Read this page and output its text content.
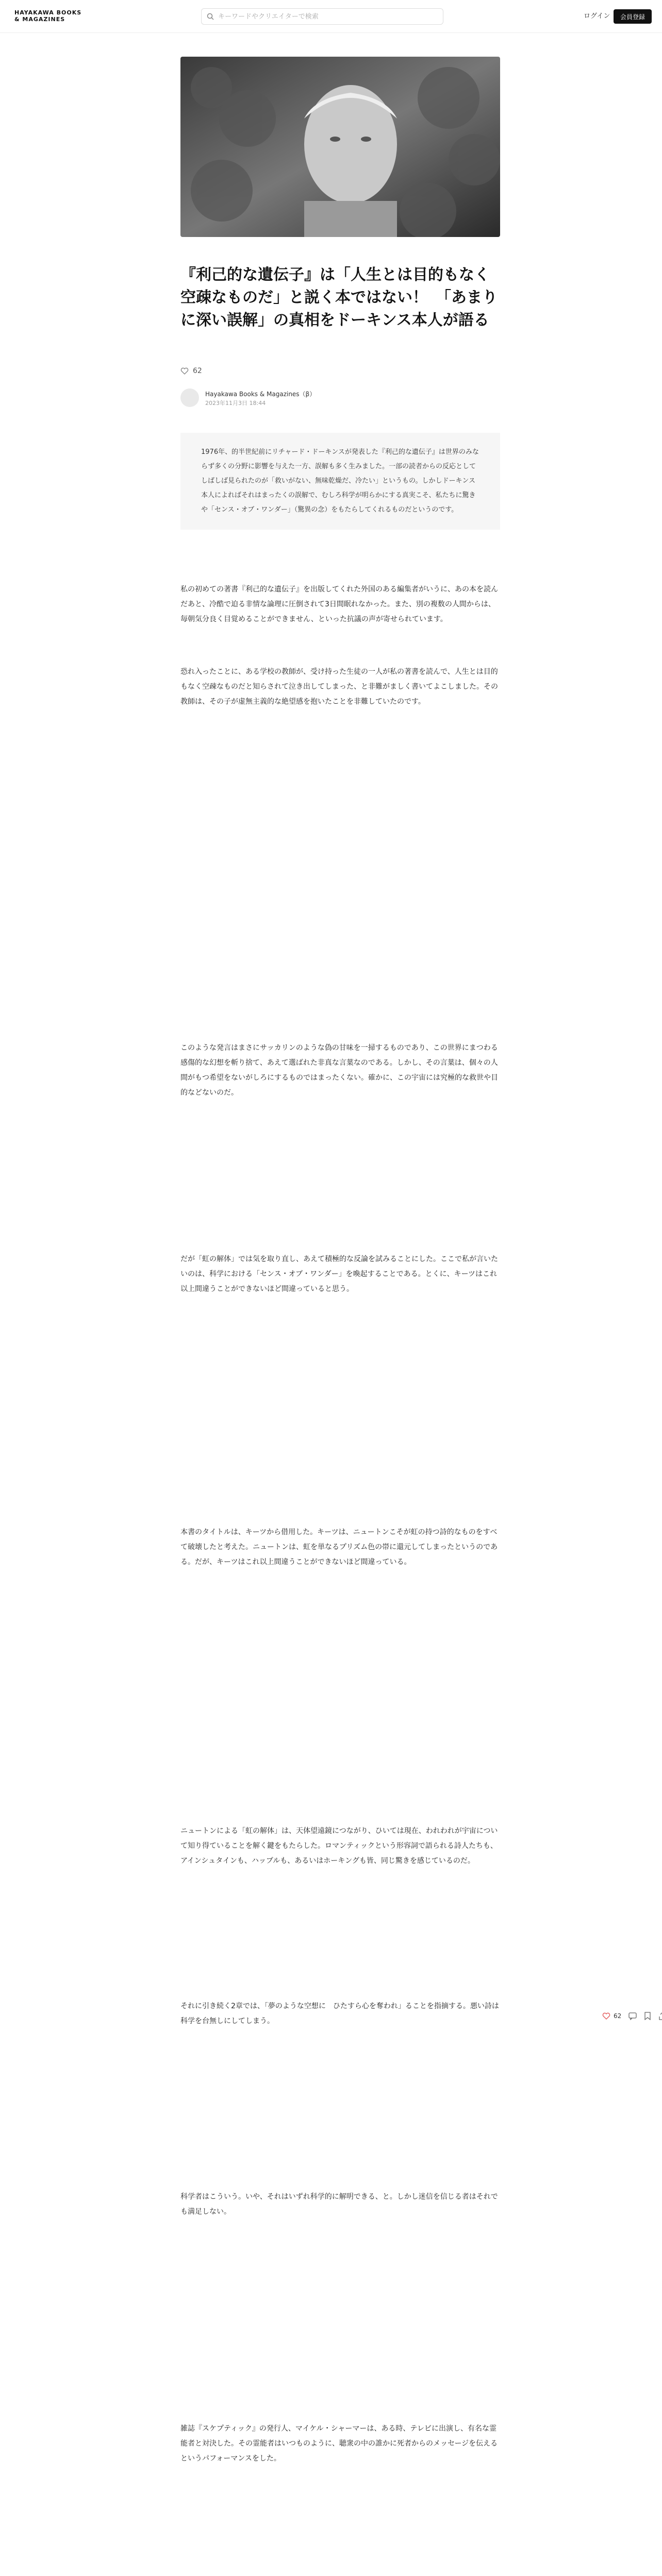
HAYAKAWA BOOKS
& MAGAZINES
キーワードやクリエイターで検索	ログイン	会員登録
『利己的な遺伝子』は「人生とは目的もなく空疎なものだ」と説く本ではない！　「あまりに深い誤解」の真相をドーキンス本人が語る
62
Hayakawa Books & Magazines（β）
2023年11月3日 18:44
1976年、的半世紀前にリチャード・ドーキンスが発表した『利己的な遺伝子』は世界のみならず多くの分野に影響を与えた一方、誤解も多く生みました。一部の読者からの反応としてしばしば見られたのが「救いがない、無味乾燥だ、冷たい」というもの。しかしドーキンス本人によればそれはまったくの誤解で、むしろ科学が明らかにする真実こそ、私たちに驚きや「センス・オブ・ワンダー」（驚異の念）をもたらしてくれるものだというのです。
私の初めての著書『利己的な遺伝子』を出版してくれた外国のある編集者がいうに、あの本を読んだあと、冷酷で迫る非情な論理に圧倒されて3日間眠れなかった。また、別の複数の人間からは、毎朝気分良く目覚めることができません、といった抗議の声が寄せられています。
恐れ入ったことに、ある学校の教師が、受け持った生徒の一人が私の著書を読んで、人生とは目的もなく空疎なものだと知らされて泣き出してしまった、と非難がましく書いてよこしました。その教師は、その子が虚無主義的な絶望感を抱いたことを非難していたのです。
このような発言はまさにサッカリンのような偽の甘味を一掃するものであり、この世界にまつわる感傷的な幻想を斬り捨て、あえて選ばれた非真な言葉なのである。しかし、その言葉は、個々の人間がもつ希望をないがしろにするものではまったくない。確かに、この宇宙には究極的な救世や目的などないのだ。
だが「虹の解体」では気を取り直し、あえて積極的な反論を試みることにした。ここで私が言いたいのは、科学における「センス・オブ・ワンダー」を喚起することである。とくに、キーツはこれ以上間違うことができないほど間違っていると思う。
本書のタイトルは、キーツから借用した。キーツは、ニュートンこそが虹の持つ詩的なものをすべて破壊したと考えた。ニュートンは、虹を単なるプリズム色の帯に還元してしまったというのである。だが、キーツはこれ以上間違うことができないほど間違っている。
ニュートンによる「虹の解体」は、天体望遠鏡につながり、ひいては現在、われわれが宇宙について知り得ていることを解く鍵をもたらした。ロマンティックという形容詞で語られる詩人たちも、アインシュタインも、ハッブルも、あるいはホーキングも皆、同じ驚きを感じているのだ。
それに引き続く2章では、「夢のような空想に　ひたすら心を奪われ」ることを指摘する。悪い詩は科学を台無しにしてしまう。
科学者はこういう。いや、それはいずれ科学的に解明できる、と。しかし迷信を信じる者はそれでも満足しない。
雑誌『スケプティック』の発行人、マイケル・シャーマーは、ある時、テレビに出演し、有名な霊能者と対決した。その霊能者はいつものように、聴衆の中の誰かに死者からのメッセージを伝えるというパフォーマンスをした。
62
